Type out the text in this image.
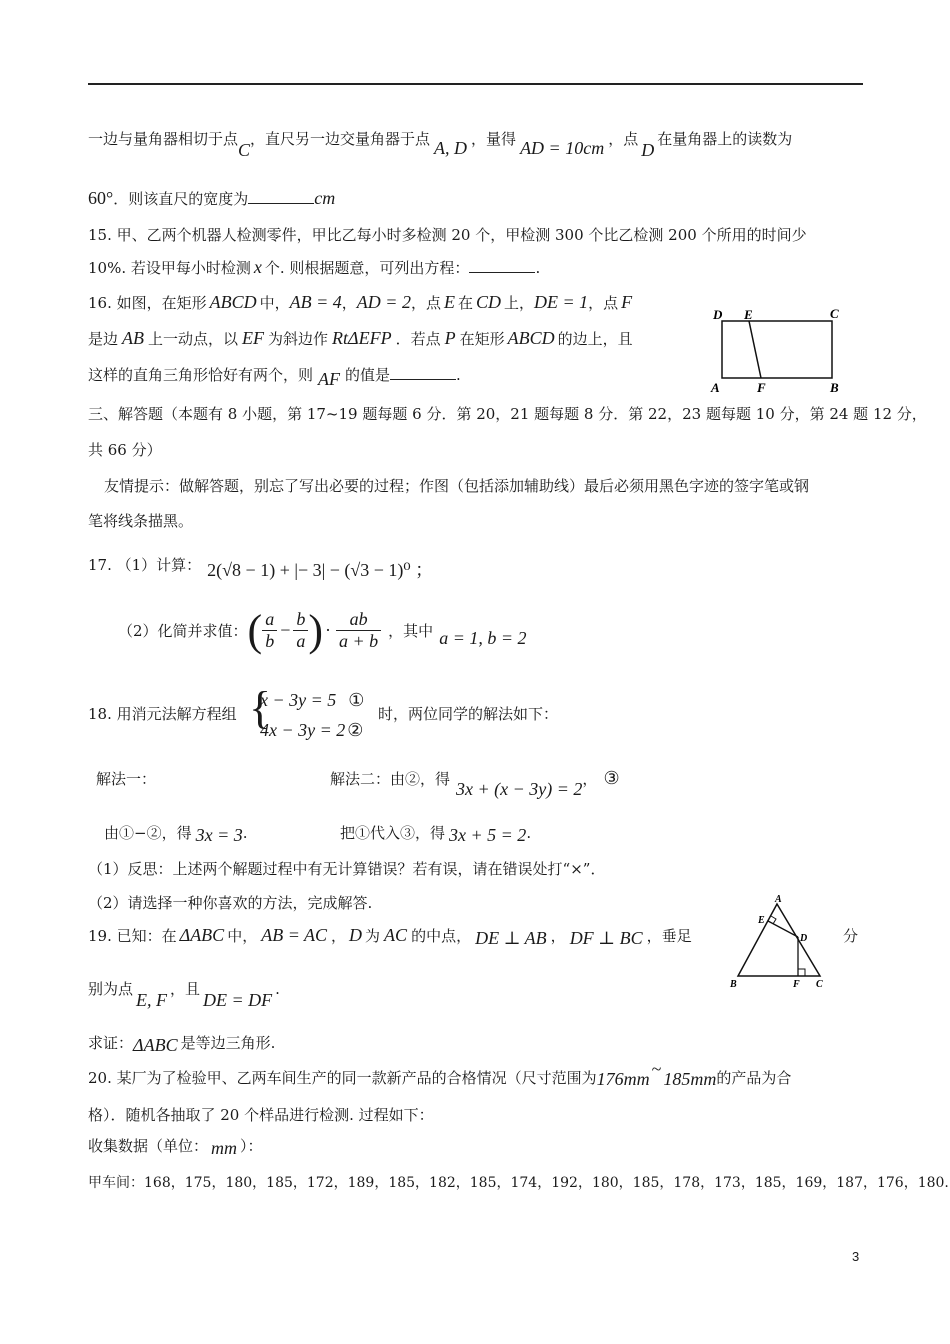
一边与量角器相切于点C，直尺另一边交量角器于点 A, D ，量得 AD = 10cm ，点D在量角器上的读数为
60°．则该直尺的宽度为	cm
15. 甲、乙两个机器人检测零件，甲比乙每小时多检测 20 个，甲检测 300 个比乙检测 200 个所用的时间少
10%. 若设甲每小时检测 x 个. 则根据题意，可列出方程：	.
16. 如图，在矩形 ABCD 中，AB = 4，AD = 2，点 E 在 CD 上，DE = 1，点 F
是边 AB 上一动点，以 EF 为斜边作 RtΔEFP ．若点 P 在矩形 ABCD 的边上，且
这样的直角三角形恰好有两个，则 AF 的值是	.
D E	C
A	F	B
三、解答题（本题有 8 小题，第 17~19 题每题 6 分．第 20，21 题每题 8 分．第 22，23 题每题 10 分，第 24 题 12 分，
共 66 分）
友情提示：做解答题，别忘了写出必要的过程；作图（包括添加辅助线）最后必须用黑色字迹的签字笔或钢
笔将线条描黑。
17. （1）计算： 2(√8 − 1) + |− 3| − (√3 − 1)⁰ ；
（2）化简并求值：( $\frac{a}{b} - \frac{b}{a}$ ) · $\frac{ab}{a + b}$ ，其中 a = 1, b = 2
18. 用消元法解方程组 {
x − 3y = 5 ①
4x − 3y = 2 ②
时，两位同学的解法如下：
解法一：	解法二：由②，得 3x + (x − 3y) = 2， ③
由①−②，得 3x = 3.	把①代入③，得 3x + 5 = 2.
（1）反思：上述两个解题过程中有无计算错误？若有误，请在错误处打“×”．
（2）请选择一种你喜欢的方法，完成解答.
19. 已知：在 ΔABC 中， AB = AC ， D 为 AC 的中点， DE ⊥ AB ， DF ⊥ BC ，垂足	分
别为点E, F，且DE = DF.
求证：ΔABC 是等边三角形.
A
E
D
B	F C
20. 某厂为了检验甲、乙两车间生产的同一款新产品的合格情况（尺寸范围为176mm ~ 185mm的产品为合
格）．随机各抽取了 20 个样品进行检测. 过程如下：
收集数据（单位： mm ）：
甲车间：168，175，180，185，172，189，185，182，185，174，192，180，185，178，173，185，169，187，176，180.
3
